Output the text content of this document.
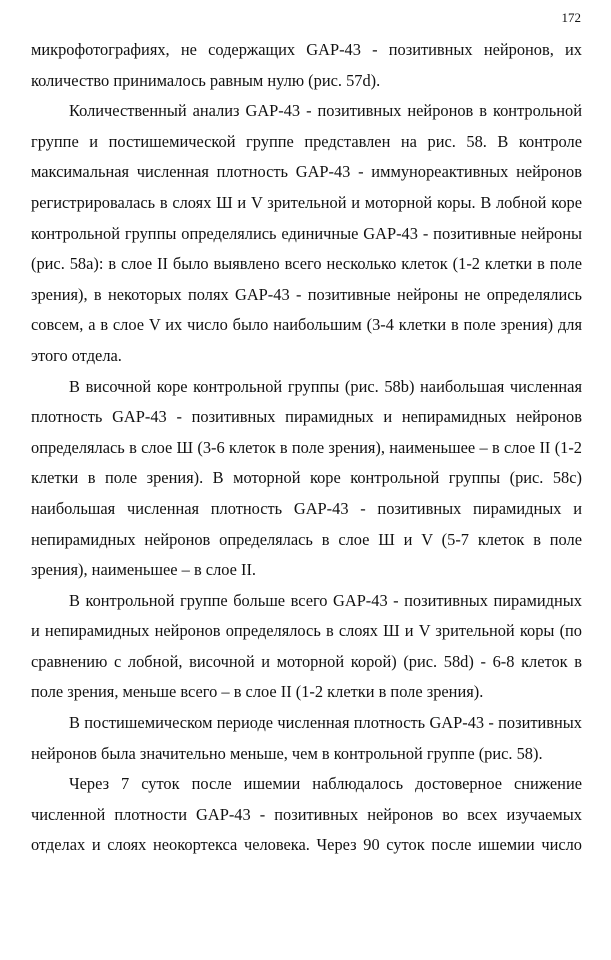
172

микрофотографиях, не содержащих GAP-43 - позитивных нейронов, их количество принималось равным нулю (рис. 57d).

Количественный анализ GAP-43 - позитивных нейронов в контрольной группе и постишемической группе представлен на рис. 58. В контроле максимальная численная плотность GAP-43 - иммунореактивных нейронов регистрировалась в слоях Ш и V зрительной и моторной коры. В лобной коре контрольной группы определялись единичные GAP-43 - позитивные нейроны (рис. 58а): в слое II было выявлено всего несколько клеток (1-2 клетки в поле зрения), в некоторых полях GAP-43 - позитивные нейроны не определялись совсем, а в слое V их число было наибольшим (3-4 клетки в поле зрения) для этого отдела.

В височной коре контрольной группы (рис. 58b) наибольшая численная плотность GAP-43 - позитивных пирамидных и непирамидных нейронов определялась в слое Ш (3-6 клеток в поле зрения), наименьшее – в слое II (1-2 клетки в поле зрения). В моторной коре контрольной группы (рис. 58с) наибольшая численная плотность GAP-43 - позитивных пирамидных и непирамидных нейронов определялась в слое Ш и V (5-7 клеток в поле зрения), наименьшее – в слое II.

В контрольной группе больше всего GAP-43 - позитивных пирамидных и непирамидных нейронов определялось в слоях Ш и V зрительной коры (по сравнению с лобной, височной и моторной корой) (рис. 58d) - 6-8 клеток в поле зрения, меньше всего – в слое II (1-2 клетки в поле зрения).

В постишемическом периоде численная плотность GAP-43 - позитивных нейронов была значительно меньше, чем в контрольной группе (рис. 58).

Через 7 суток после ишемии наблюдалось достоверное снижение численной плотности GAP-43 - позитивных нейронов во всех изучаемых отделах и слоях неокортекса человека. Через 90 суток после ишемии число
